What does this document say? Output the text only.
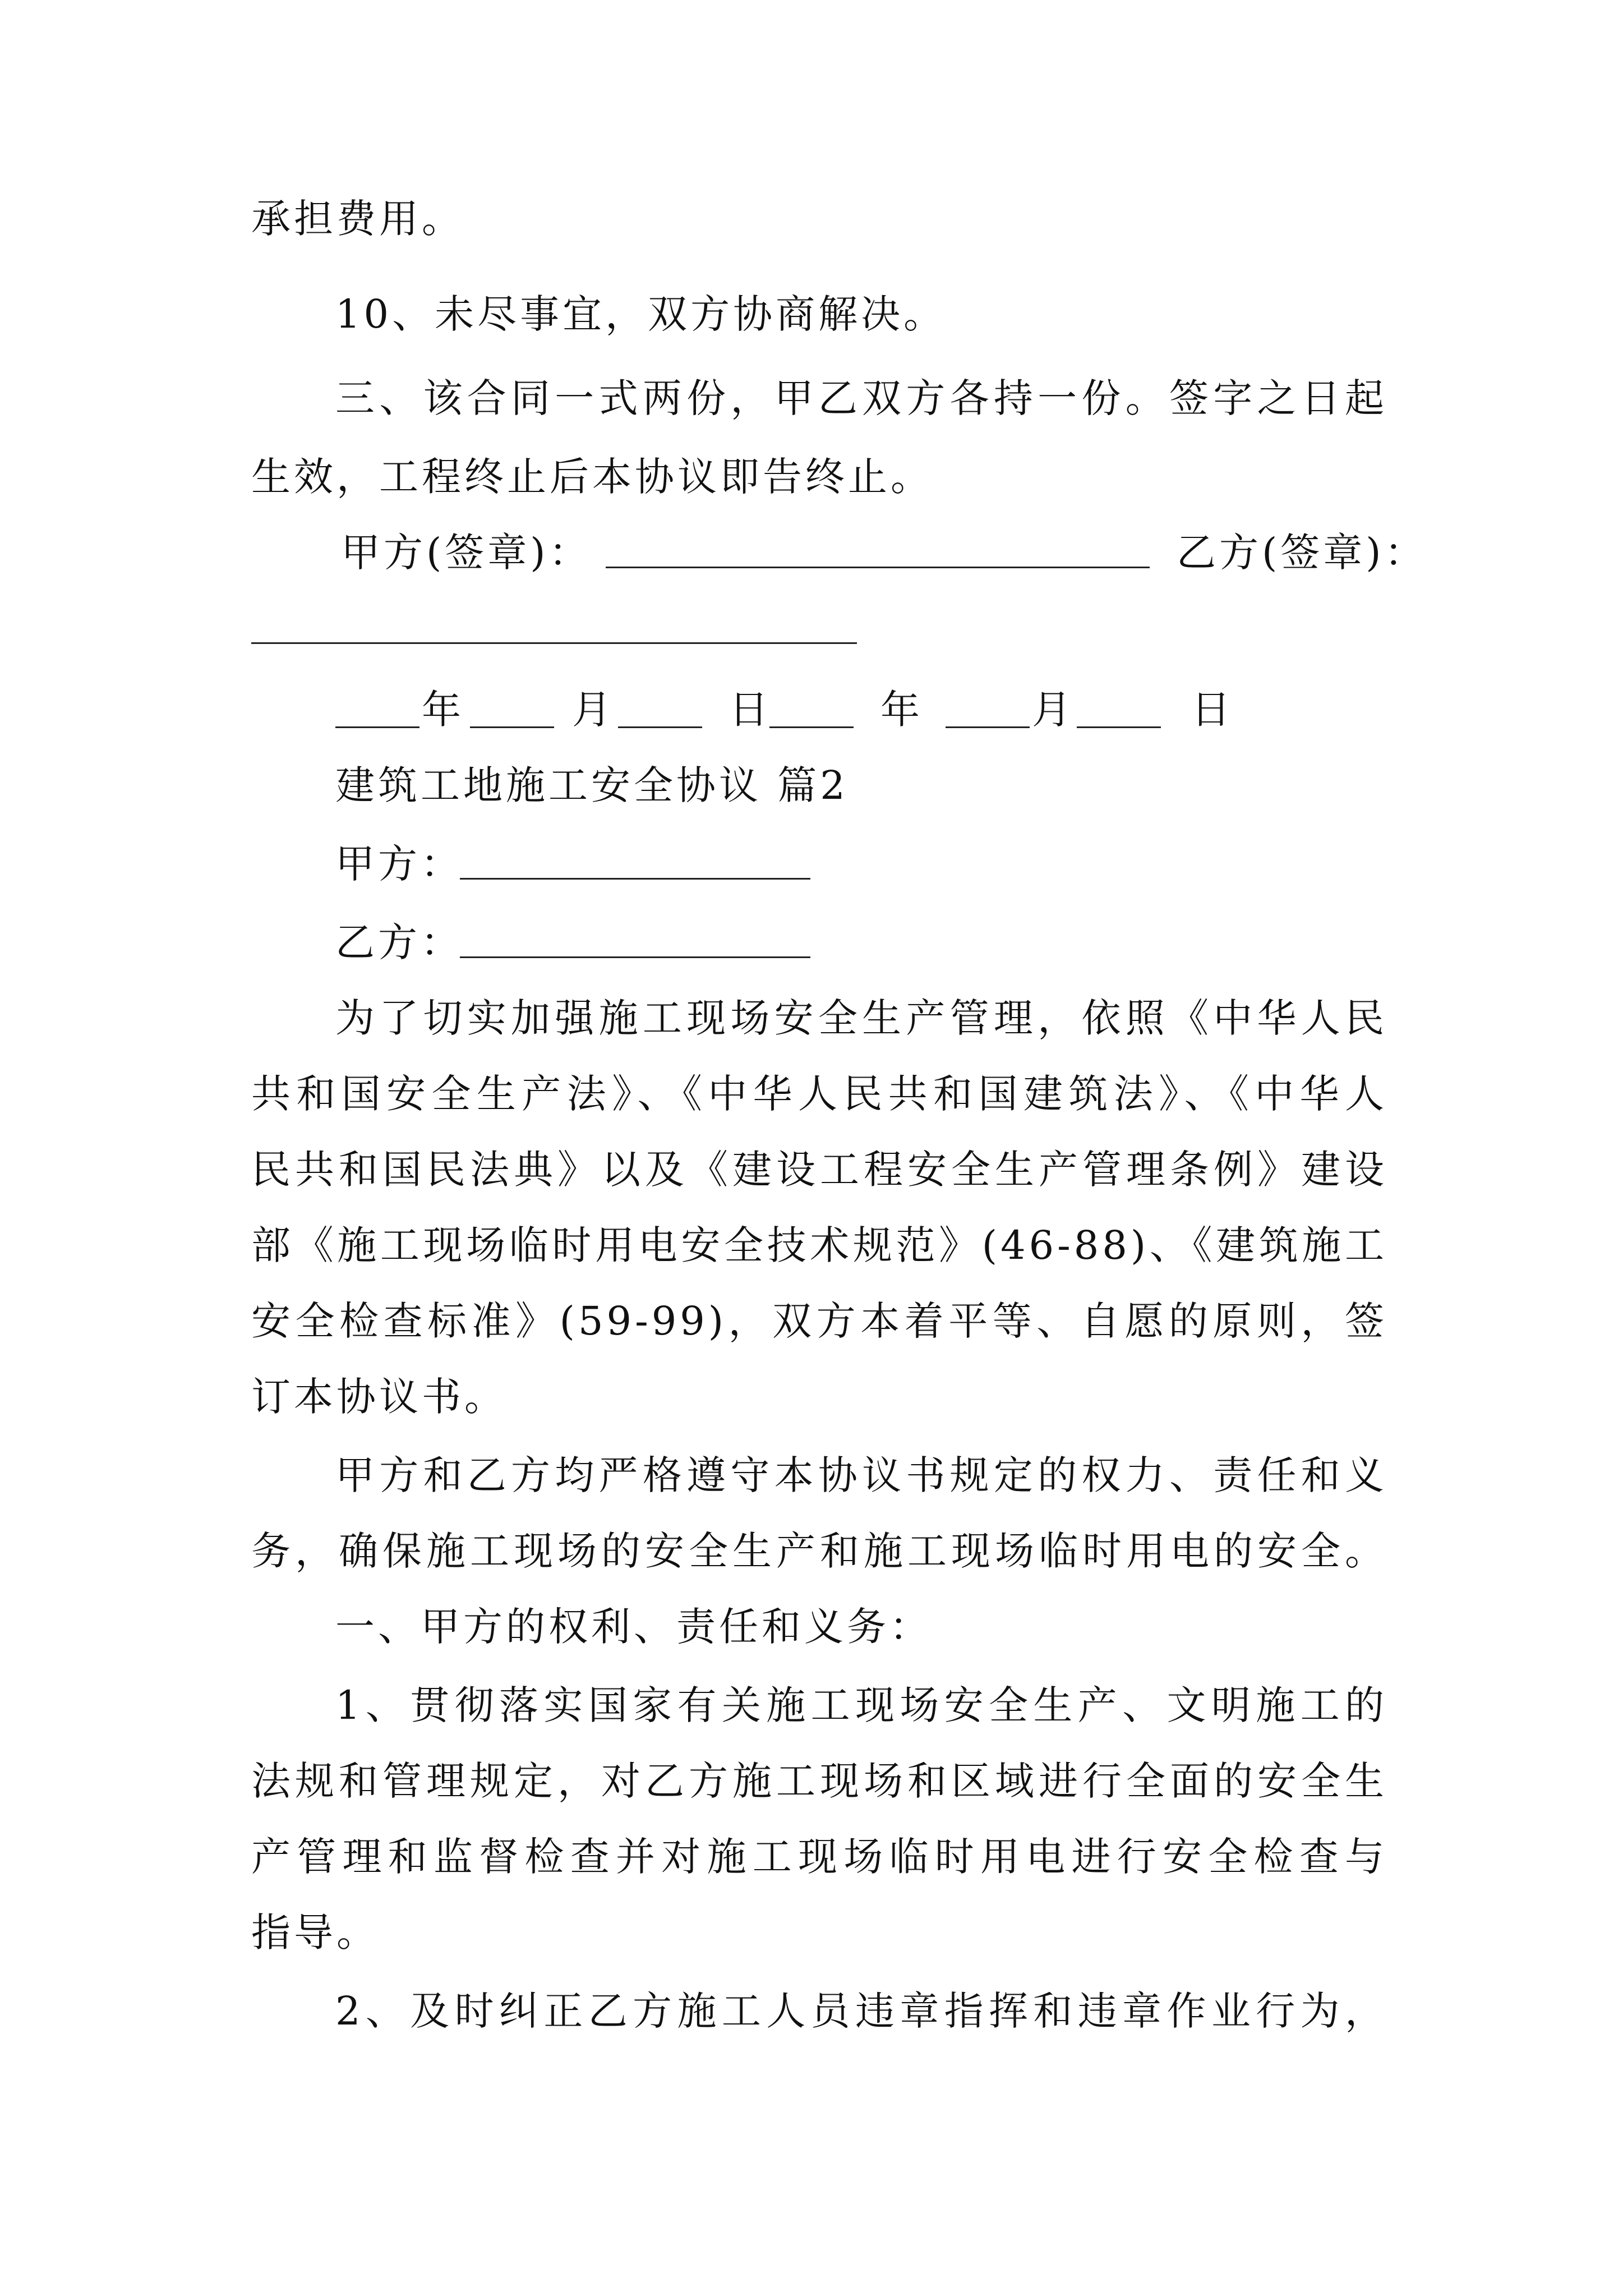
承担费用。
10、未尽事宜，双方协商解决。
三、该合同一式两份，甲乙双方各持一份。签字之日起
生效，工程终止后本协议即告终止。
甲方(签章)：	乙方(签章)：
年	月	日	年	月	日
建筑工地施工安全协议 篇2
甲方：
乙方：
为了切实加强施工现场安全生产管理，依照《中华人民
共和国安全生产法》、《中华人民共和国建筑法》、《中华人
民共和国民法典》以及《建设工程安全生产管理条例》建设
部《施工现场临时用电安全技术规范》(46-88)、《建筑施工
安全检查标准》(59-99)，双方本着平等、自愿的原则，签
订本协议书。
甲方和乙方均严格遵守本协议书规定的权力、责任和义
务，确保施工现场的安全生产和施工现场临时用电的安全。
一、甲方的权利、责任和义务：
1、贯彻落实国家有关施工现场安全生产、文明施工的
法规和管理规定，对乙方施工现场和区域进行全面的安全生
产管理和监督检查并对施工现场临时用电进行安全检查与
指导。
2、及时纠正乙方施工人员违章指挥和违章作业行为，
